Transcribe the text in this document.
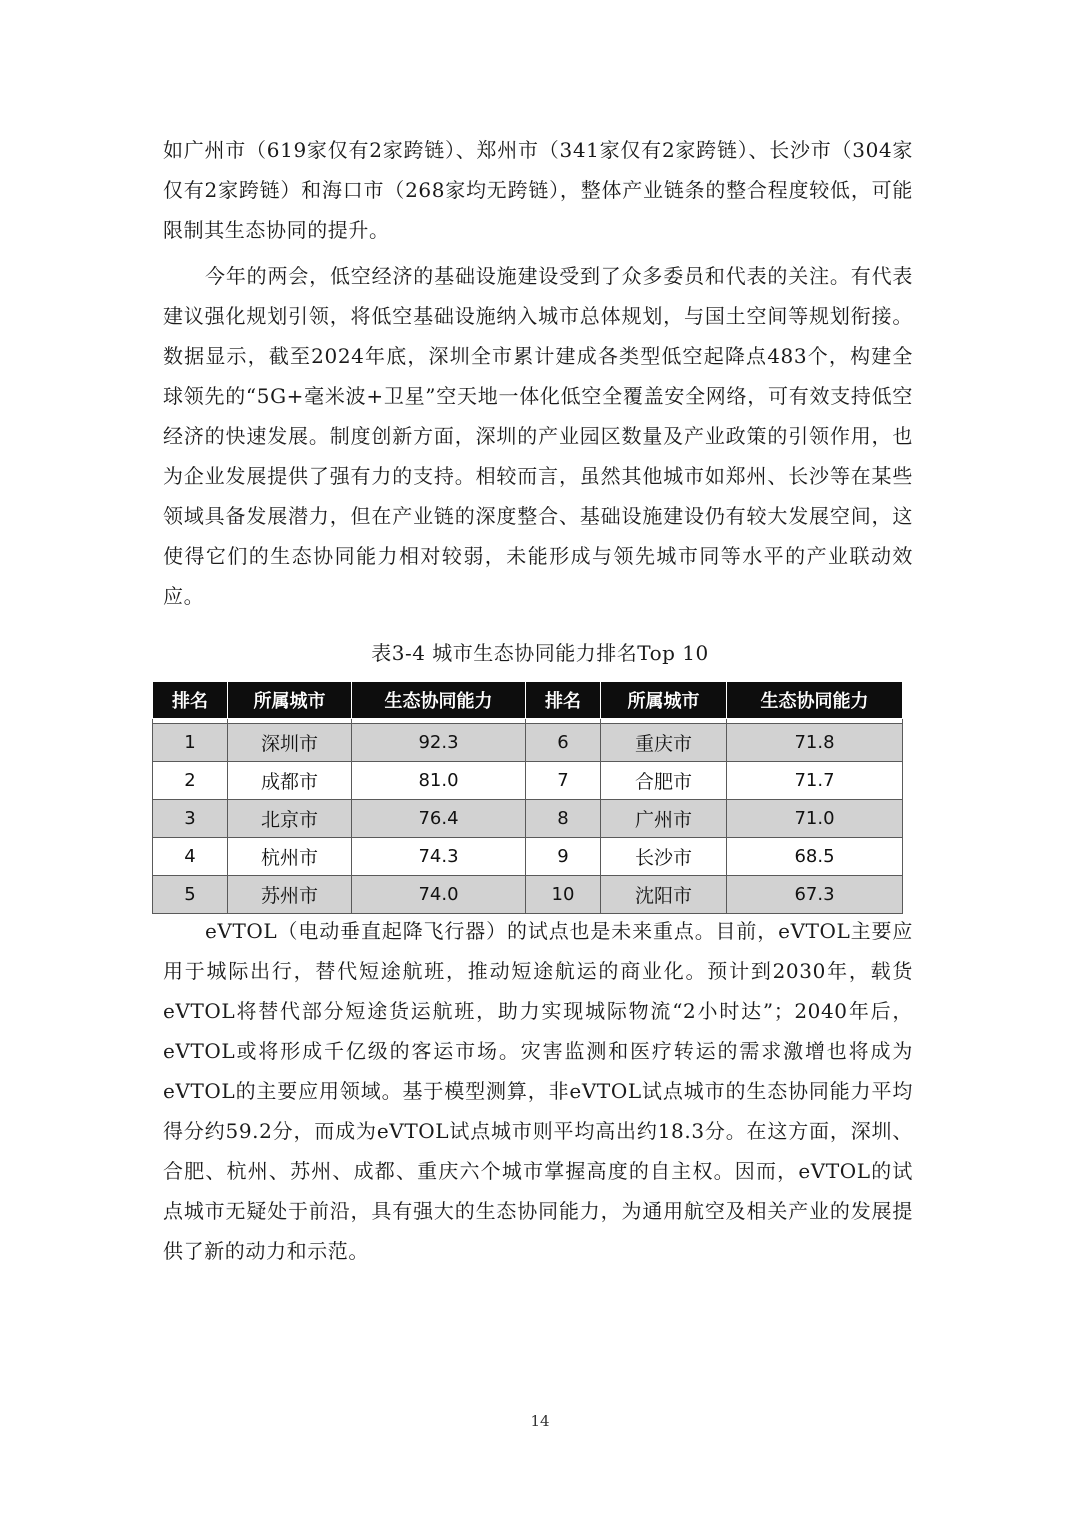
如广州市（619家仅有2家跨链）、郑州市（341家仅有2家跨链）、长沙市（304家仅有2家跨链）和海口市（268家均无跨链），整体产业链条的整合程度较低，可能限制其生态协同的提升。

今年的两会，低空经济的基础设施建设受到了众多委员和代表的关注。有代表建议强化规划引领，将低空基础设施纳入城市总体规划，与国土空间等规划衔接。数据显示，截至2024年底，深圳全市累计建成各类型低空起降点483个，构建全球领先的“5G+毫米波+卫星”空天地一体化低空全覆盖安全网络，可有效支持低空经济的快速发展。制度创新方面，深圳的产业园区数量及产业政策的引领作用，也为企业发展提供了强有力的支持。相较而言，虽然其他城市如郑州、长沙等在某些领域具备发展潜力，但在产业链的深度整合、基础设施建设仍有较大发展空间，这使得它们的生态协同能力相对较弱，未能形成与领先城市同等水平的产业联动效应。

表3-4 城市生态协同能力排名Top 10
排名	所属城市	生态协同能力	排名	所属城市	生态协同能力

1	深圳市	92.3	6	重庆市	71.8
2	成都市	81.0	7	合肥市	71.7
3	北京市	76.4	8	广州市	71.0
4	杭州市	74.3	9	长沙市	68.5
5	苏州市	74.0	10	沈阳市	67.3

eVTOL（电动垂直起降飞行器）的试点也是未来重点。目前，eVTOL主要应用于城际出行，替代短途航班，推动短途航运的商业化。预计到2030年，载货eVTOL将替代部分短途货运航班，助力实现城际物流“2小时达”；2040年后，eVTOL或将形成千亿级的客运市场。灾害监测和医疗转运的需求激增也将成为eVTOL的主要应用领域。基于模型测算，非eVTOL试点城市的生态协同能力平均得分约59.2分，而成为eVTOL试点城市则平均高出约18.3分。在这方面，深圳、合肥、杭州、苏州、成都、重庆六个城市掌握高度的自主权。因而，eVTOL的试点城市无疑处于前沿，具有强大的生态协同能力，为通用航空及相关产业的发展提供了新的动力和示范。

14
